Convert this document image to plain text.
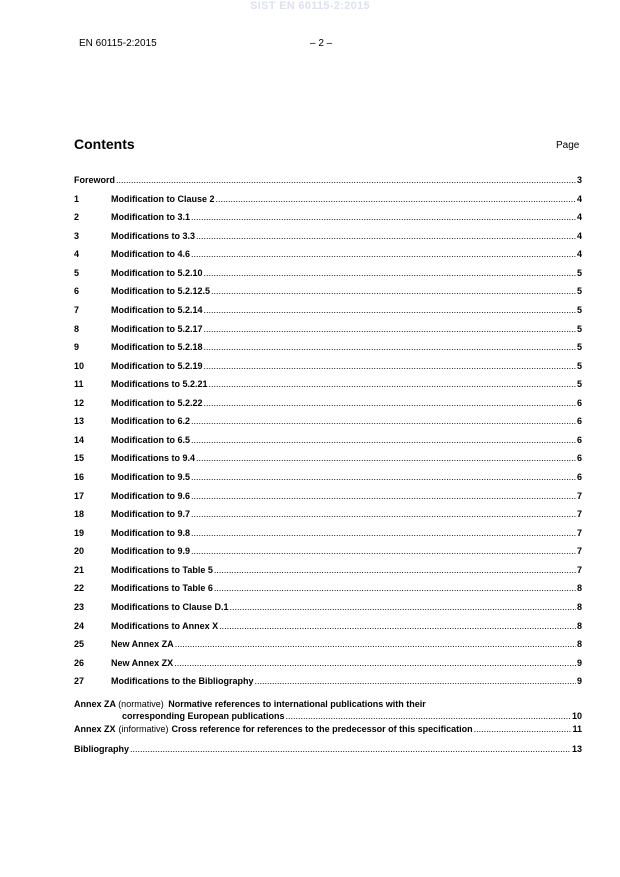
SIST EN 60115-2:2015
EN 60115-2:2015	– 2 –
Contents	Page
Foreword .....	3
1	Modification to Clause 2 .....	4
2	Modification to 3.1 .....	4
3	Modifications to 3.3 .....	4
4	Modification to 4.6 .....	4
5	Modification to 5.2.10 .....	5
6	Modification to 5.2.12.5 .....	5
7	Modification to 5.2.14 .....	5
8	Modification to 5.2.17 .....	5
9	Modification to 5.2.18 .....	5
10	Modification to 5.2.19 .....	5
11	Modifications to 5.2.21 .....	5
12	Modification to 5.2.22 .....	6
13	Modification to 6.2 .....	6
14	Modification to 6.5 .....	6
15	Modifications to 9.4 .....	6
16	Modification to 9.5 .....	6
17	Modification to 9.6 .....	7
18	Modification to 9.7 .....	7
19	Modification to 9.8 .....	7
20	Modification to 9.9 .....	7
21	Modifications to Table 5 .....	7
22	Modifications to Table 6 .....	8
23	Modifications to Clause D.1 .....	8
24	Modifications to Annex X .....	8
25	New Annex ZA .....	8
26	New Annex ZX .....	9
27	Modifications to the Bibliography .....	9
Annex ZA (normative) Normative references to international publications with their
corresponding European publications .....	10
Annex ZX (informative) Cross reference for references to the predecessor of this specification .....	11
Bibliography .....	13
